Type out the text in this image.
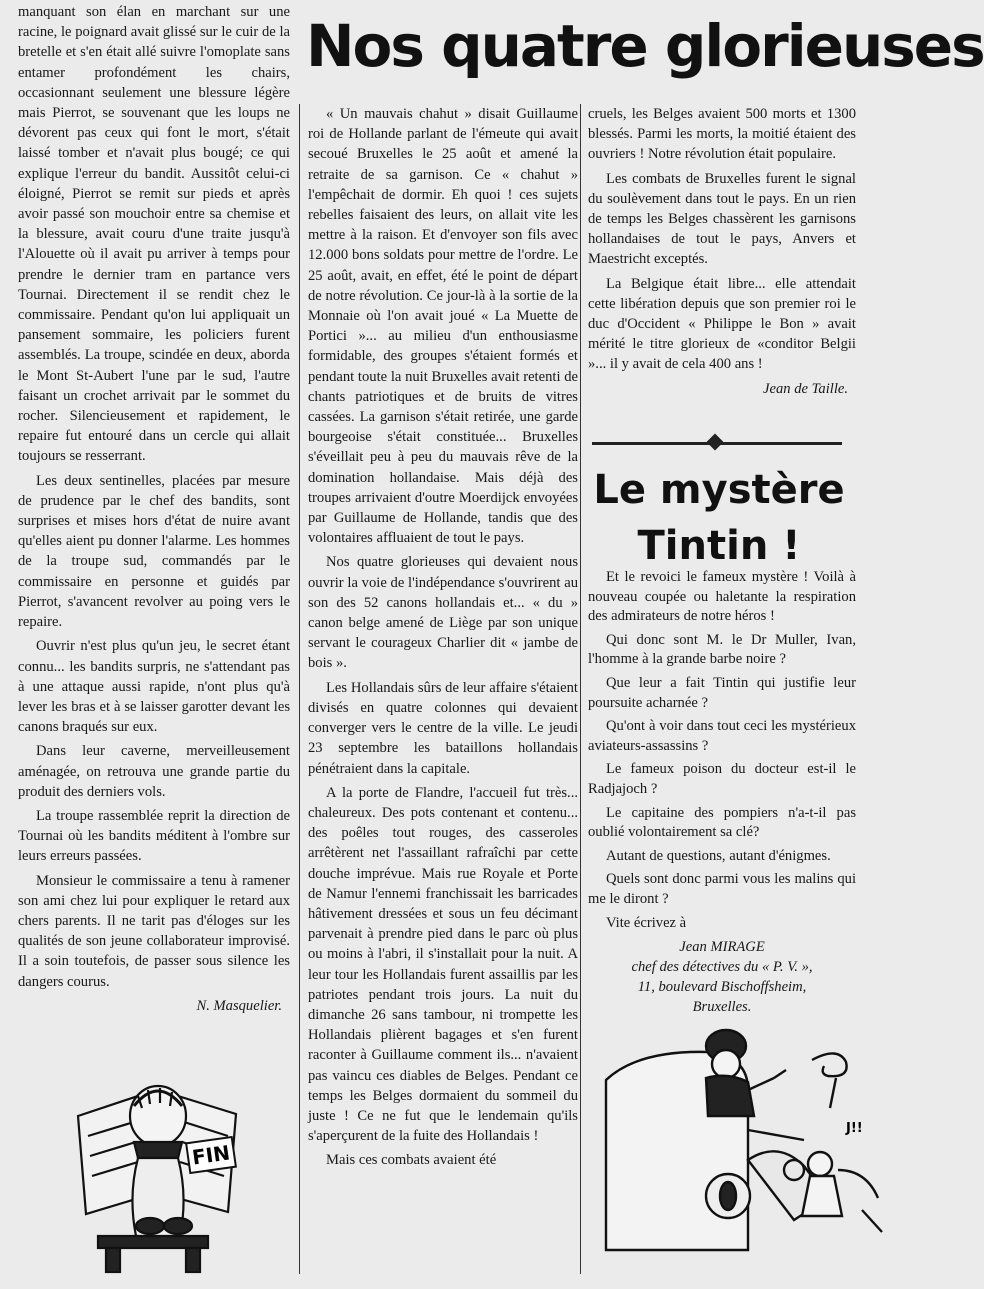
Nos quatre glorieuses

manquant son élan en marchant sur une racine, le poignard avait glissé sur le cuir de la bretelle et s'en était allé suivre l'omoplate sans entamer profondément les chairs, occasionnant seulement une blessure légère mais Pierrot, se souvenant que les loups ne dévorent pas ceux qui font le mort, s'était laissé tomber et n'avait plus bougé; ce qui explique l'erreur du bandit. Aussitôt celui-ci éloigné, Pierrot se remit sur pieds et après avoir passé son mouchoir entre sa chemise et la blessure, avait couru d'une traite jusqu'à l'Alouette où il avait pu arriver à temps pour prendre le dernier tram en partance vers Tournai. Directement il se rendit chez le commissaire. Pendant qu'on lui appliquait un pansement sommaire, les policiers furent assemblés. La troupe, scindée en deux, aborda le Mont St-Aubert l'une par le sud, l'autre faisant un crochet arrivait par le sommet du rocher. Silencieusement et rapidement, le repaire fut entouré dans un cercle qui allait toujours se resserrant.

Les deux sentinelles, placées par mesure de prudence par le chef des bandits, sont surprises et mises hors d'état de nuire avant qu'elles aient pu donner l'alarme. Les hommes de la troupe sud, commandés par le commissaire en personne et guidés par Pierrot, s'avancent revolver au poing vers le repaire.

Ouvrir n'est plus qu'un jeu, le secret étant connu... les bandits surpris, ne s'attendant pas à une attaque aussi rapide, n'ont plus qu'à lever les bras et à se laisser garotter devant les canons braqués sur eux.

Dans leur caverne, merveilleusement aménagée, on retrouva une grande partie du produit des derniers vols.

La troupe rassemblée reprit la direction de Tournai où les bandits méditent à l'ombre sur leurs erreurs passées.

Monsieur le commissaire a tenu à ramener son ami chez lui pour expliquer le retard aux chers parents. Il ne tarit pas d'éloges sur les qualités de son jeune collaborateur improvisé. Il a soin toutefois, de passer sous silence les dangers courus.

N. Masquelier.
FIN

« Un mauvais chahut » disait Guillaume roi de Hollande parlant de l'émeute qui avait secoué Bruxelles le 25 août et amené la retraite de sa garnison. Ce « chahut » l'empêchait de dormir. Eh quoi ! ces sujets rebelles faisaient des leurs, on allait vite les mettre à la raison. Et d'envoyer son fils avec 12.000 bons soldats pour mettre de l'ordre. Le 25 août, avait, en effet, été le point de départ de notre révolution. Ce jour-là à la sortie de la Monnaie où l'on avait joué « La Muette de Portici »... au milieu d'un enthousiasme formidable, des groupes s'étaient formés et pendant toute la nuit Bruxelles avait retenti de chants patriotiques et de bruits de vitres cassées. La garnison s'était retirée, une garde bourgeoise s'était constituée... Bruxelles s'éveillait peu à peu du mauvais rêve de la domination hollandaise. Mais déjà des troupes arrivaient d'outre Moerdijck envoyées par Guillaume de Hollande, tandis que des volontaires affluaient de tout le pays.

Nos quatre glorieuses qui devaient nous ouvrir la voie de l'indépendance s'ouvrirent au son des 52 canons hollandais et... « du » canon belge amené de Liège par son unique servant le courageux Charlier dit « jambe de bois ».

Les Hollandais sûrs de leur affaire s'étaient divisés en quatre colonnes qui devaient converger vers le centre de la ville. Le jeudi 23 septembre les bataillons hollandais pénétraient dans la capitale.

A la porte de Flandre, l'accueil fut très... chaleureux. Des pots contenant et contenu... des poêles tout rouges, des casseroles arrêtèrent net l'assaillant rafraîchi par cette douche imprévue. Mais rue Royale et Porte de Namur l'ennemi franchissait les barricades hâtivement dressées et sous un feu décimant parvenait à prendre pied dans le parc où plus ou moins à l'abri, il s'installait pour la nuit. A leur tour les Hollandais furent assaillis par les patriotes pendant trois jours. La nuit du dimanche 26 sans tambour, ni trompette les Hollandais plièrent bagages et s'en furent raconter à Guillaume comment ils... n'avaient pas vaincu ces diables de Belges. Pendant ce temps les Belges dormaient du sommeil du juste ! Ce ne fut que le lendemain qu'ils s'aperçurent de la fuite des Hollandais !

Mais ces combats avaient été

cruels, les Belges avaient 500 morts et 1300 blessés. Parmi les morts, la moitié étaient des ouvriers ! Notre révolution était populaire.

Les combats de Bruxelles furent le signal du soulèvement dans tout le pays. En un rien de temps les Belges chassèrent les garnisons hollandaises de tout le pays, Anvers et Maestricht exceptés.

La Belgique était libre... elle attendait cette libération depuis que son premier roi le duc d'Occident « Philippe le Bon » avait mérité le titre glorieux de «conditor Belgii »... il y avait de cela 400 ans !

Jean de Taille.
Le mystère
Tintin !

Et le revoici le fameux mystère ! Voilà à nouveau coupée ou haletante la respiration des admirateurs de notre héros !

Qui donc sont M. le Dr Muller, Ivan, l'homme à la grande barbe noire ?

Que leur a fait Tintin qui justifie leur poursuite acharnée ?

Qu'ont à voir dans tout ceci les mystérieux aviateurs-assassins ?

Le fameux poison du docteur est-il le Radjajoch ?

Le capitaine des pompiers n'a-t-il pas oublié volontairement sa clé?

Autant de questions, autant d'énigmes.

Quels sont donc parmi vous les malins qui me le diront ?

Vite écrivez à

Jean MIRAGE
chef des détectives du « P. V. »,
11, boulevard Bischoffsheim,
Bruxelles.
J!!
